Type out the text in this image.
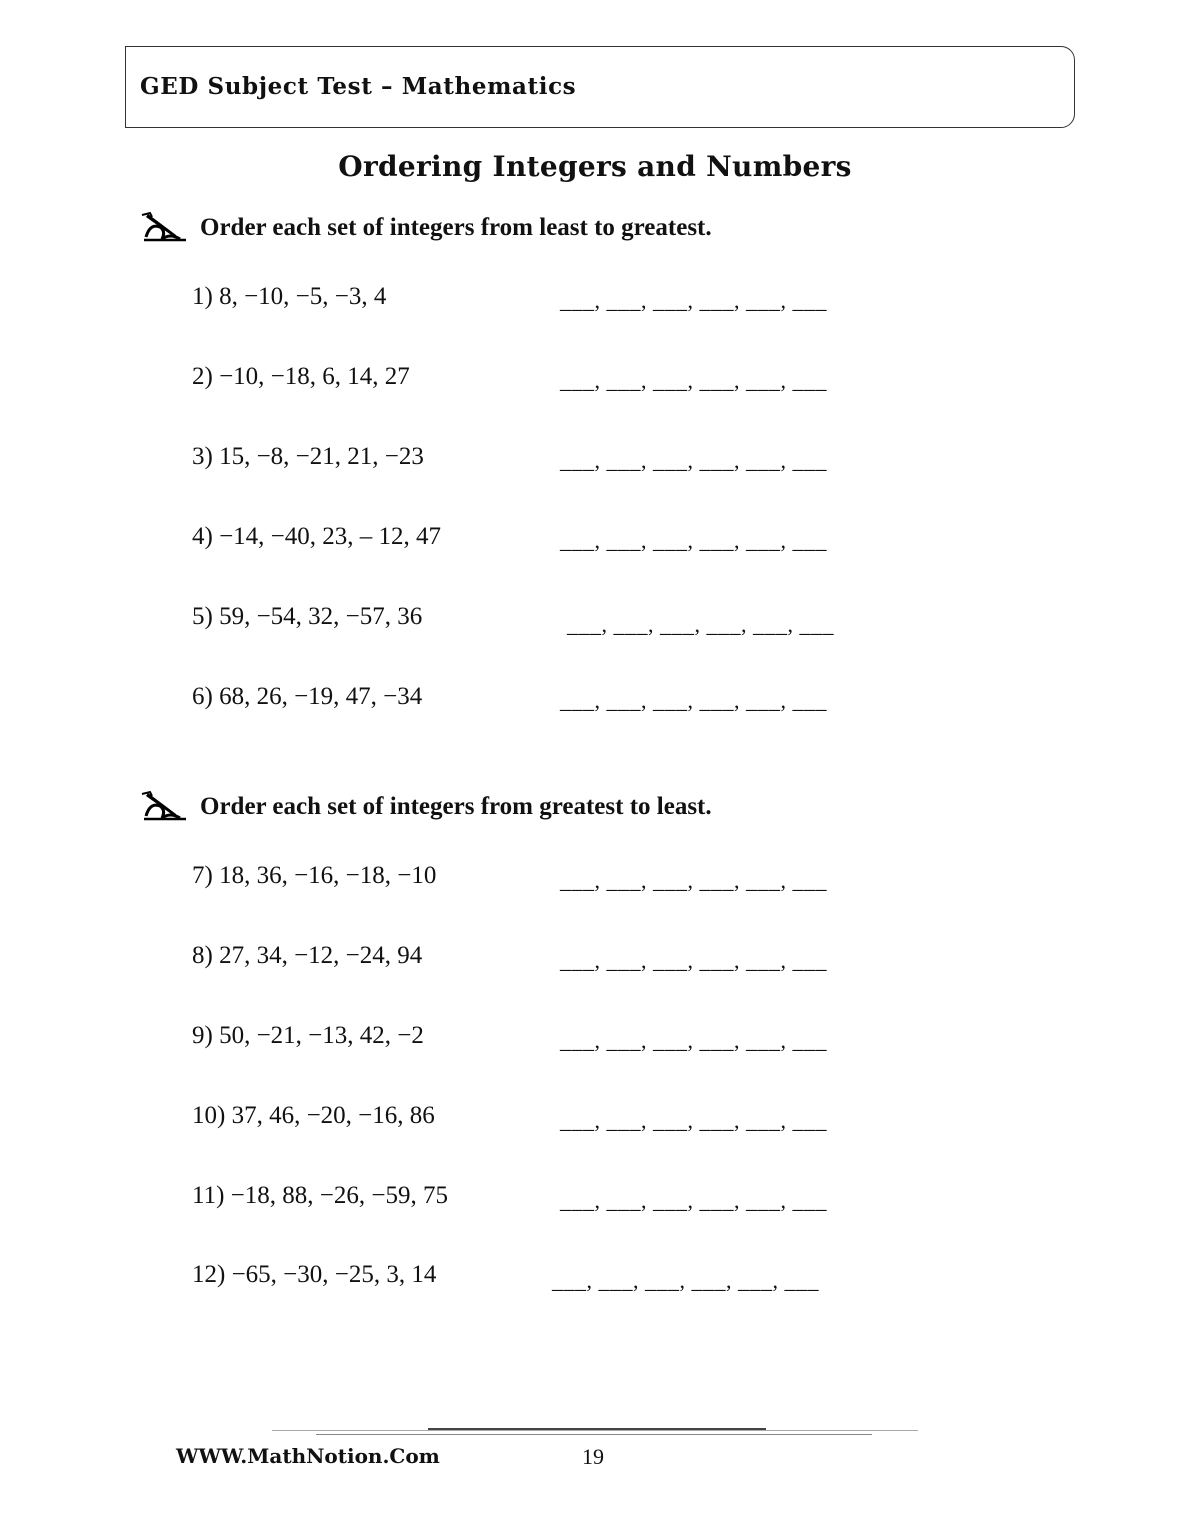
GED Subject Test – Mathematics
Ordering Integers and Numbers
Order each set of integers from least to greatest.
1) 8, −10, −5, −3, 4	___, ___, ___, ___, ___, ___
2) −10, −18, 6, 14, 27	___, ___, ___, ___, ___, ___
3) 15, −8, −21, 21, −23	___, ___, ___, ___, ___, ___
4) −14, −40, 23, – 12, 47	___, ___, ___, ___, ___, ___
5) 59, −54, 32, −57, 36	___, ___, ___, ___, ___, ___
6) 68, 26, −19, 47, −34	___, ___, ___, ___, ___, ___
Order each set of integers from greatest to least.
7) 18, 36, −16, −18, −10	___, ___, ___, ___, ___, ___
8) 27, 34, −12, −24, 94	___, ___, ___, ___, ___, ___
9) 50, −21, −13, 42, −2	___, ___, ___, ___, ___, ___
10) 37, 46, −20, −16, 86	___, ___, ___, ___, ___, ___
11) −18, 88, −26, −59, 75	___, ___, ___, ___, ___, ___
12) −65, −30, −25, 3, 14	___, ___, ___, ___, ___, ___
WWW.MathNotion.Com	19
